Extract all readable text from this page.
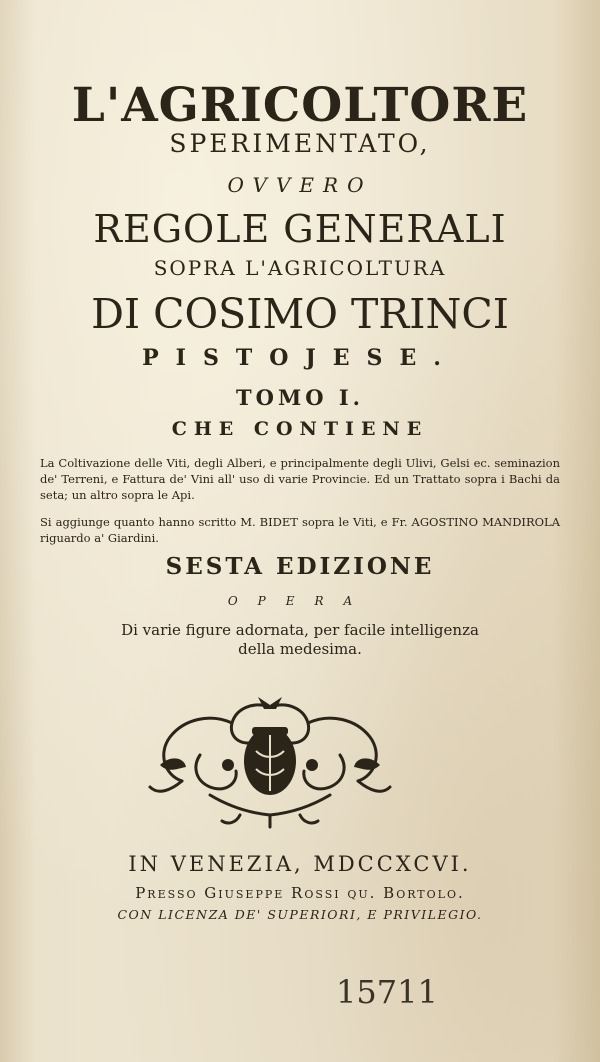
L'AGRICOLTORE
SPERIMENTATO,
OVVERO
REGOLE GENERALI
SOPRA L'AGRICOLTURA
DI COSIMO TRINCI
PISTOJESE.
TOMO I.
CHE CONTIENE
La Coltivazione delle Viti, degli Alberi, e principalmente degli Ulivi, Gelsi ec. seminazion de' Terreni, e Fattura de' Vini all' uso di varie Provincie. Ed un Trattato sopra i Bachi da seta; un altro sopra le Api.
Si aggiunge quanto hanno scritto M. BIDET sopra le Viti, e Fr. AGOSTINO MANDIROLA riguardo a' Giardini.
SESTA EDIZIONE
OPERA
Di varie figure adornata, per facile intelligenza
della medesima.
IN VENEZIA, MDCCXCVI.
Presso Giuseppe Rossi qu. Bortolo.
CON LICENZA DE' SUPERIORI, E PRIVILEGIO.
15711
